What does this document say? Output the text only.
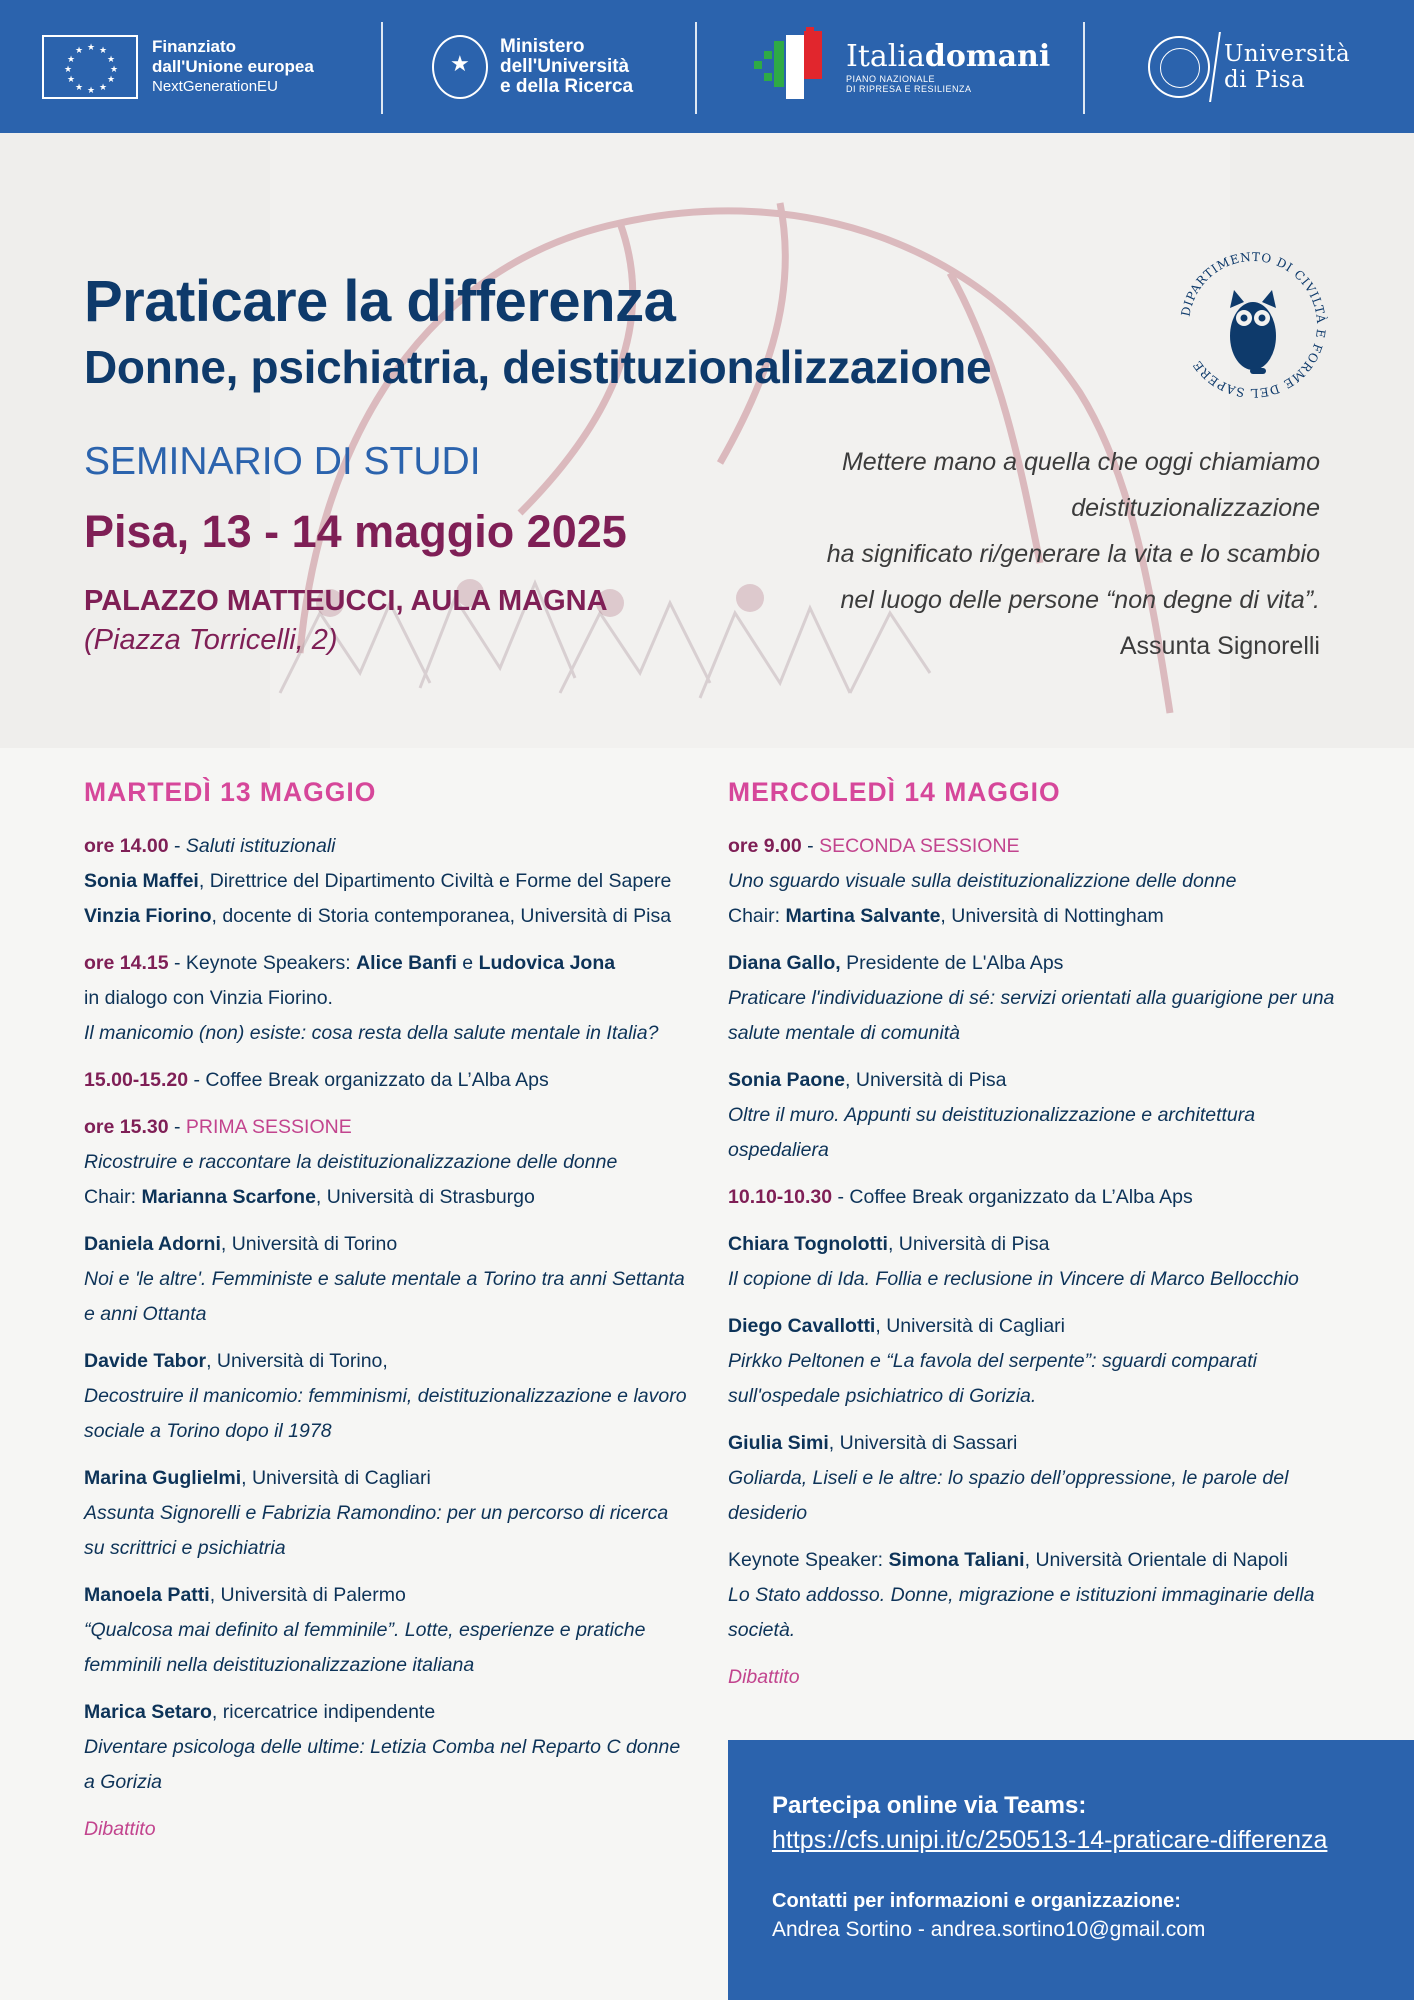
★ ★
★
★
★
★
★
★
★
★
★
★	Finanziato
dall'Unione europea
NextGenerationEU
★
Ministero
dell'Università
e della Ricerca
Italiadomani
PIANO NAZIONALE
DI RIPRESA E RESILIENZA
Università
di Pisa
Praticare la differenza
Donne, psichiatria, deistituzionalizzazione
DIPARTIMENTO DI CIVILTÀ E FORME DEL SAPERE
SEMINARIO DI STUDI
Pisa, 13 - 14 maggio 2025
PALAZZO MATTEUCCI, AULA MAGNA
(Piazza Torricelli, 2)
Mettere mano a quella che oggi chiamiamo
deistituzionalizzazione
ha significato ri/generare la vita e lo scambio
nel luogo delle persone “non degne di vita”.
Assunta Signorelli
MARTEDÌ 13 MAGGIO

ore 14.00 - Saluti istituzionali

Sonia Maffei, Direttrice del Dipartimento Civiltà e Forme del Sapere

Vinzia Fiorino, docente di Storia contemporanea, Università di Pisa

ore 14.15 - Keynote Speakers: Alice Banfi e Ludovica Jona

in dialogo con Vinzia Fiorino.

Il manicomio (non) esiste: cosa resta della salute mentale in Italia?

15.00-15.20 - Coffee Break organizzato da L’Alba Aps

ore 15.30 - PRIMA SESSIONE

Ricostruire e raccontare la deistituzionalizzazione delle donne

Chair: Marianna Scarfone, Università di Strasburgo

Daniela Adorni, Università di Torino

Noi e 'le altre'. Femministe e salute mentale a Torino tra anni Settanta e anni Ottanta

Davide Tabor, Università di Torino,

Decostruire il manicomio: femminismi, deistituzionalizzazione e lavoro sociale a Torino dopo il 1978

Marina Guglielmi, Università di Cagliari

Assunta Signorelli e Fabrizia Ramondino: per un percorso di ricerca su scrittrici e psichiatria

Manoela Patti, Università di Palermo

“Qualcosa mai definito al femminile”. Lotte, esperienze e pratiche femminili nella deistituzionalizzazione italiana

Marica Setaro, ricercatrice indipendente

Diventare psicologa delle ultime: Letizia Comba nel Reparto C donne a Gorizia

Dibattito

MERCOLEDÌ 14 MAGGIO

ore 9.00 - SECONDA SESSIONE

Uno sguardo visuale sulla deistituzionalizzione delle donne

Chair: Martina Salvante, Università di Nottingham

Diana Gallo, Presidente de L'Alba Aps

Praticare l'individuazione di sé: servizi orientati alla guarigione per una salute mentale di comunità

Sonia Paone, Università di Pisa

Oltre il muro. Appunti su deistituzionalizzazione e architettura ospedaliera

10.10-10.30 - Coffee Break organizzato da L’Alba Aps

Chiara Tognolotti, Università di Pisa

Il copione di Ida. Follia e reclusione in Vincere di Marco Bellocchio

Diego Cavallotti, Università di Cagliari

Pirkko Peltonen e “La favola del serpente”: sguardi comparati sull'ospedale psichiatrico di Gorizia.

Giulia Simi, Università di Sassari

Goliarda, Liseli e le altre: lo spazio dell’oppressione, le parole del desiderio

Keynote Speaker: Simona Taliani, Università Orientale di Napoli

Lo Stato addosso. Donne, migrazione e istituzioni immaginarie della società.

Dibattito

Partecipa online via Teams:
https://cfs.unipi.it/c/250513-14-praticare-differenza
Contatti per informazioni e organizzazione:
Andrea Sortino - andrea.sortino10@gmail.com
